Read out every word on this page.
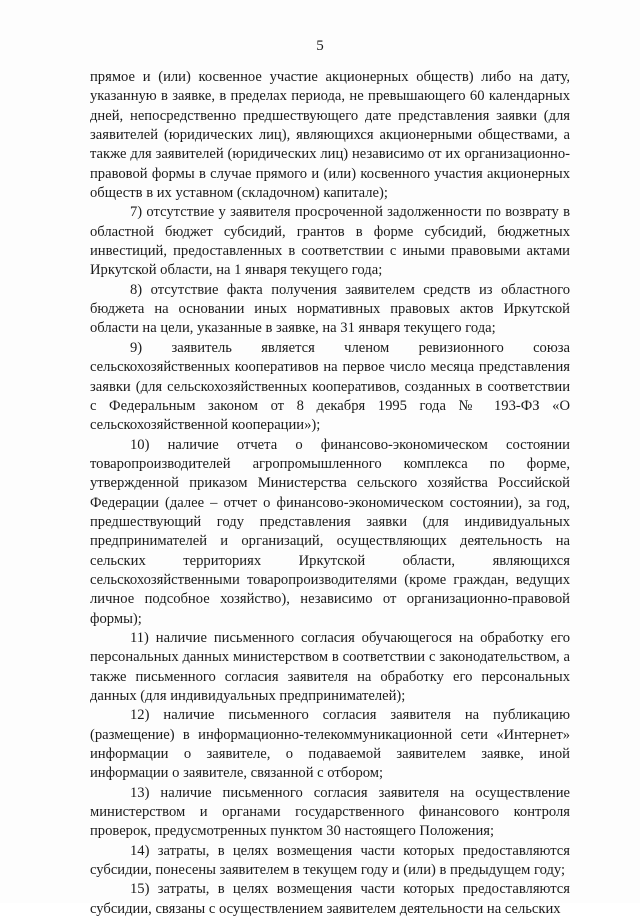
5

прямое и (или) косвенное участие акционерных обществ) либо на дату, указанную в заявке, в пределах периода, не превышающего 60 календарных дней, непосредственно предшествующего дате представления заявки (для заявителей (юридических лиц), являющихся акционерными обществами, а также для заявителей (юридических лиц) независимо от их организационно-правовой формы в случае прямого и (или) косвенного участия акционерных обществ в их уставном (складочном) капитале);

7) отсутствие у заявителя просроченной задолженности по возврату в областной бюджет субсидий, грантов в форме субсидий, бюджетных инвестиций, предоставленных в соответствии с иными правовыми актами Иркутской области, на 1 января текущего года;

8) отсутствие факта получения заявителем средств из областного бюджета на основании иных нормативных правовых актов Иркутской области на цели, указанные в заявке, на 31 января текущего года;

9) заявитель является членом ревизионного союза сельскохозяйственных кооперативов на первое число месяца представления заявки (для сельскохозяйственных кооперативов, созданных в соответствии с Федеральным законом от 8 декабря 1995 года № 193-ФЗ «О сельскохозяйственной кооперации»);

10) наличие отчета о финансово-экономическом состоянии товаропроизводителей агропромышленного комплекса по форме, утвержденной приказом Министерства сельского хозяйства Российской Федерации (далее – отчет о финансово-экономическом состоянии), за год, предшествующий году представления заявки (для индивидуальных предпринимателей и организаций, осуществляющих деятельность на сельских территориях Иркутской области, являющихся сельскохозяйственными товаропроизводителями (кроме граждан, ведущих личное подсобное хозяйство), независимо от организационно-правовой формы);

11) наличие письменного согласия обучающегося на обработку его персональных данных министерством в соответствии с законодательством, а также письменного согласия заявителя на обработку его персональных данных (для индивидуальных предпринимателей);

12) наличие письменного согласия заявителя на публикацию (размещение) в информационно-телекоммуникационной сети «Интернет» информации о заявителе, о подаваемой заявителем заявке, иной информации о заявителе, связанной с отбором;

13) наличие письменного согласия заявителя на осуществление министерством и органами государственного финансового контроля проверок, предусмотренных пунктом 30 настоящего Положения;

14) затраты, в целях возмещения части которых предоставляются субсидии, понесены заявителем в текущем году и (или) в предыдущем году;

15) затраты, в целях возмещения части которых предоставляются субсидии, связаны с осуществлением заявителем деятельности на сельских
